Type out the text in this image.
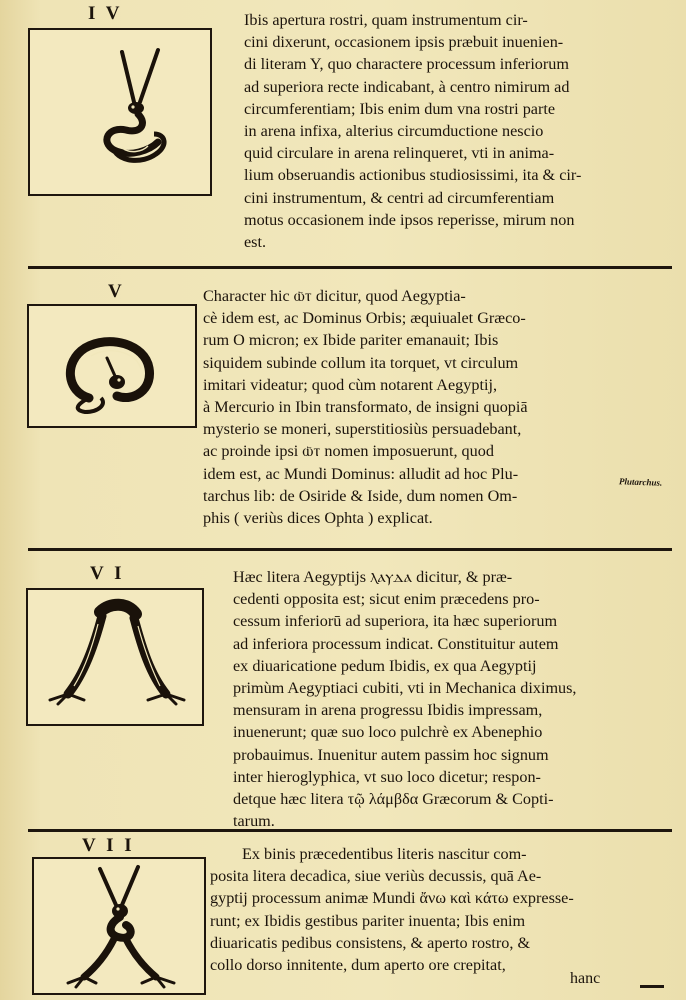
I V	Ibis apertura rostri, quam instrumentum cir-
cini dixerunt, occasionem ipsis præbuit inuenien-
di literam Y, quo charactere processum inferiorum
ad superiora recte indicabant, à centro nimirum ad
circumferentiam; Ibis enim dum vna rostri parte
in arena infixa, alterius circumductione nescio
quid circulare in arena relinqueret, vti in anima-
lium obseruandis actionibus studiosissimi, ita & cir-
cini instrumentum, & centri ad circumferentiam
motus occasionem inde ipsos reperisse, mirum non
est.
V	Character hic ⲱ⳰ⲧ dicitur, quod Aegyptia-
cè idem est, ac Dominus Orbis; æquiualet Græco-
rum O micron; ex Ibide pariter emanauit; Ibis
siquidem subinde collum ita torquet, vt circulum
imitari videatur; quod cùm notarent Aegyptij,
à Mercurio in Ibin transformato, de insigni quopiā
mysterio se moneri, superstitiosiùs persuadebant,
ac proinde ipsi ⲱ⳰ⲧ nomen imposuerunt, quod
idem est, ac Mundi Dominus: alludit ad hoc Plu-
tarchus lib: de Osiride & Iside, dum nomen Om-
phis ( veriùs dices Ophta ) explicat.
Plutarchus.
V I	Hæc litera Aegyptijs ⲗⲁⲩⲇⲁ dicitur, & præ-
cedenti opposita est; sicut enim præcedens pro-
cessum inferiorū ad superiora, ita hæc superiorum
ad inferiora processum indicat. Constituitur autem
ex diuaricatione pedum Ibidis, ex qua Aegyptij
primùm Aegyptiaci cubiti, vti in Mechanica diximus,
mensuram in arena progressu Ibidis impressam,
inuenerunt; quæ suo loco pulchrè ex Abenephio
probauimus. Inuenitur autem passim hoc signum
inter hieroglyphica, vt suo loco dicetur; respon-
detque hæc litera τῷ λάμβδα Græcorum & Copti-
tarum.
V I I	Ex binis præcedentibus literis nascitur com-
posita litera decadica, siue veriùs decussis, quā Ae-
gyptij processum animæ Mundi ἄνω καὶ κάτω expresse-
runt; ex Ibidis gestibus pariter inuenta; Ibis enim
diuaricatis pedibus consistens, & aperto rostro, &
collo dorso innitente, dum aperto ore crepitat,
hanc
